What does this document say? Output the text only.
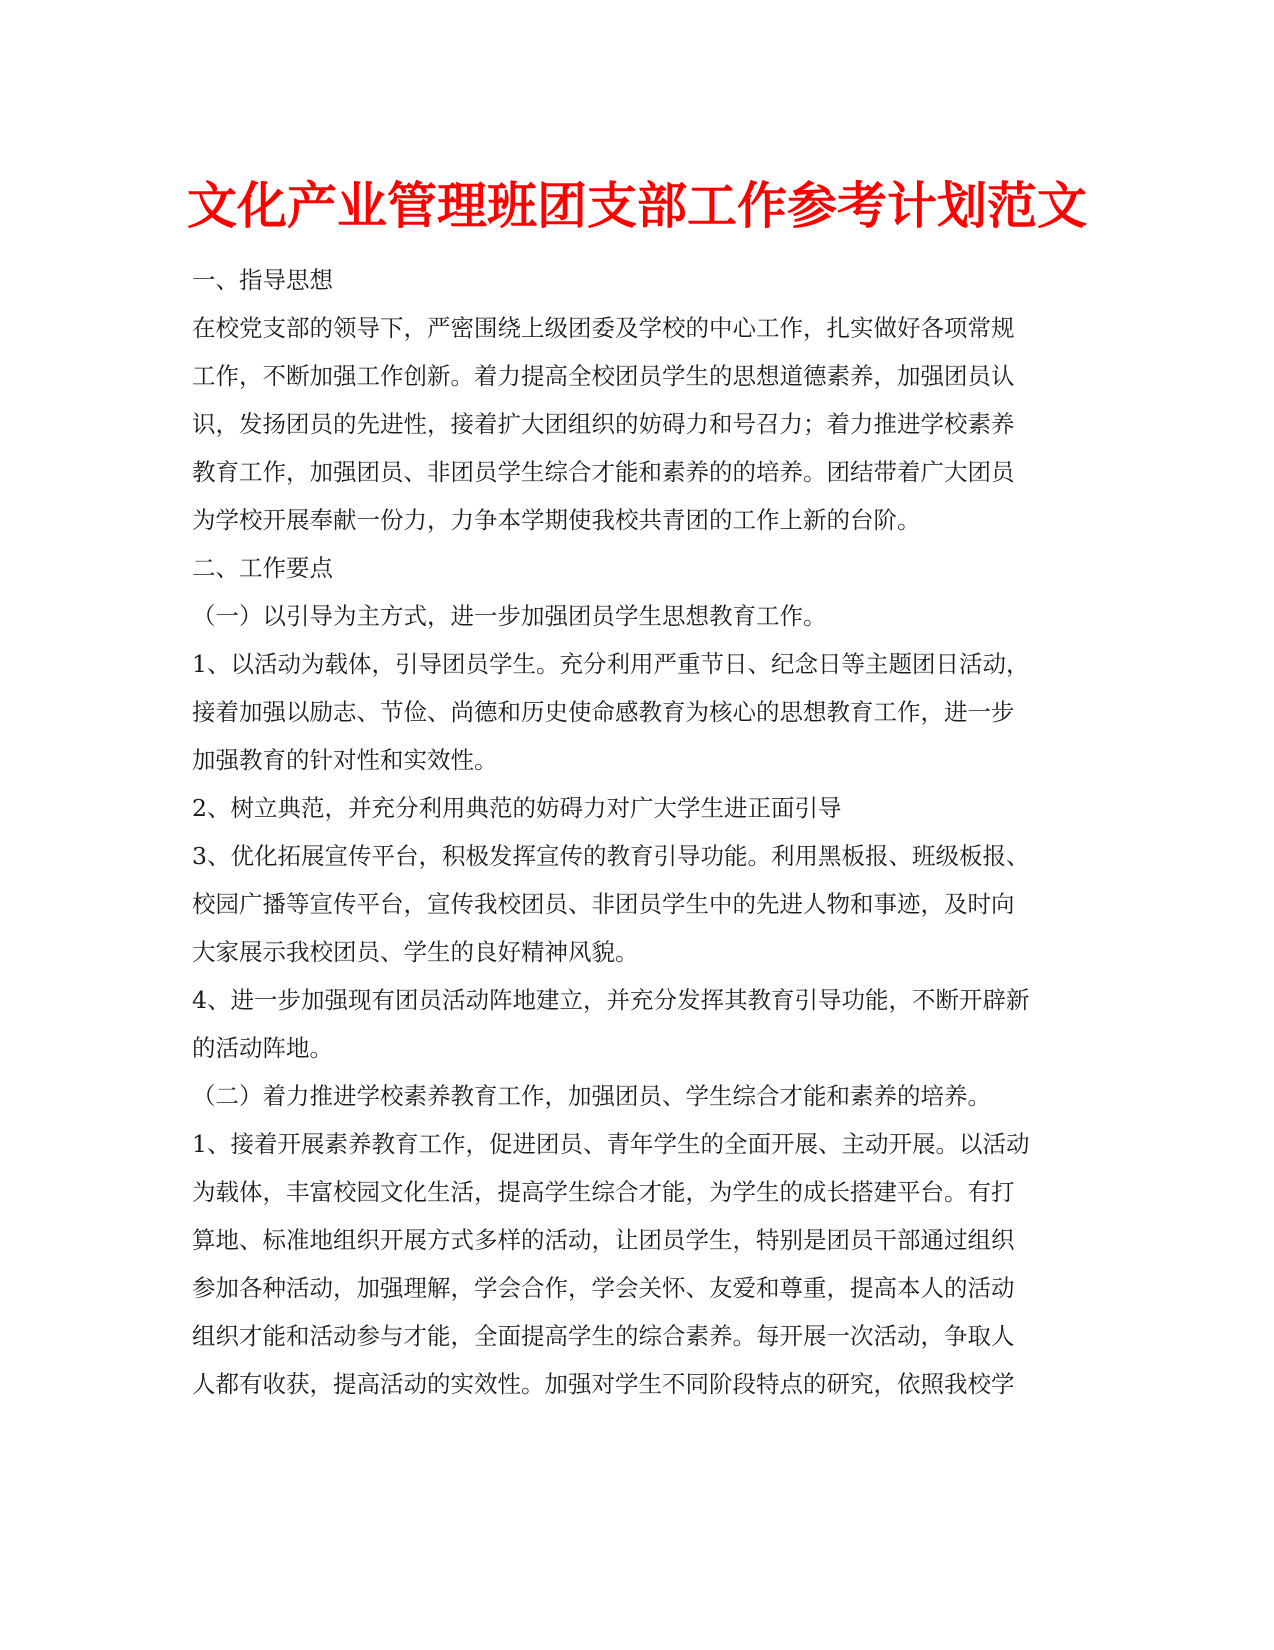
文化产业管理班团支部工作参考计划范文
一、指导思想
在校党支部的领导下，严密围绕上级团委及学校的中心工作，扎实做好各项常规
工作，不断加强工作创新。着力提高全校团员学生的思想道德素养，加强团员认
识，发扬团员的先进性，接着扩大团组织的妨碍力和号召力；着力推进学校素养
教育工作，加强团员、非团员学生综合才能和素养的的培养。团结带着广大团员
为学校开展奉献一份力，力争本学期使我校共青团的工作上新的台阶。
二、工作要点
（一）以引导为主方式，进一步加强团员学生思想教育工作。
1、以活动为载体，引导团员学生。充分利用严重节日、纪念日等主题团日活动，
接着加强以励志、节俭、尚德和历史使命感教育为核心的思想教育工作，进一步
加强教育的针对性和实效性。
2、树立典范，并充分利用典范的妨碍力对广大学生进正面引导
3、优化拓展宣传平台，积极发挥宣传的教育引导功能。利用黑板报、班级板报、
校园广播等宣传平台，宣传我校团员、非团员学生中的先进人物和事迹，及时向
大家展示我校团员、学生的良好精神风貌。
4、进一步加强现有团员活动阵地建立，并充分发挥其教育引导功能，不断开辟新
的活动阵地。
（二）着力推进学校素养教育工作，加强团员、学生综合才能和素养的培养。
1、接着开展素养教育工作，促进团员、青年学生的全面开展、主动开展。以活动
为载体，丰富校园文化生活，提高学生综合才能，为学生的成长搭建平台。有打
算地、标准地组织开展方式多样的活动，让团员学生，特别是团员干部通过组织
参加各种活动，加强理解，学会合作，学会关怀、友爱和尊重，提高本人的活动
组织才能和活动参与才能，全面提高学生的综合素养。每开展一次活动，争取人
人都有收获，提高活动的实效性。加强对学生不同阶段特点的研究，依照我校学
